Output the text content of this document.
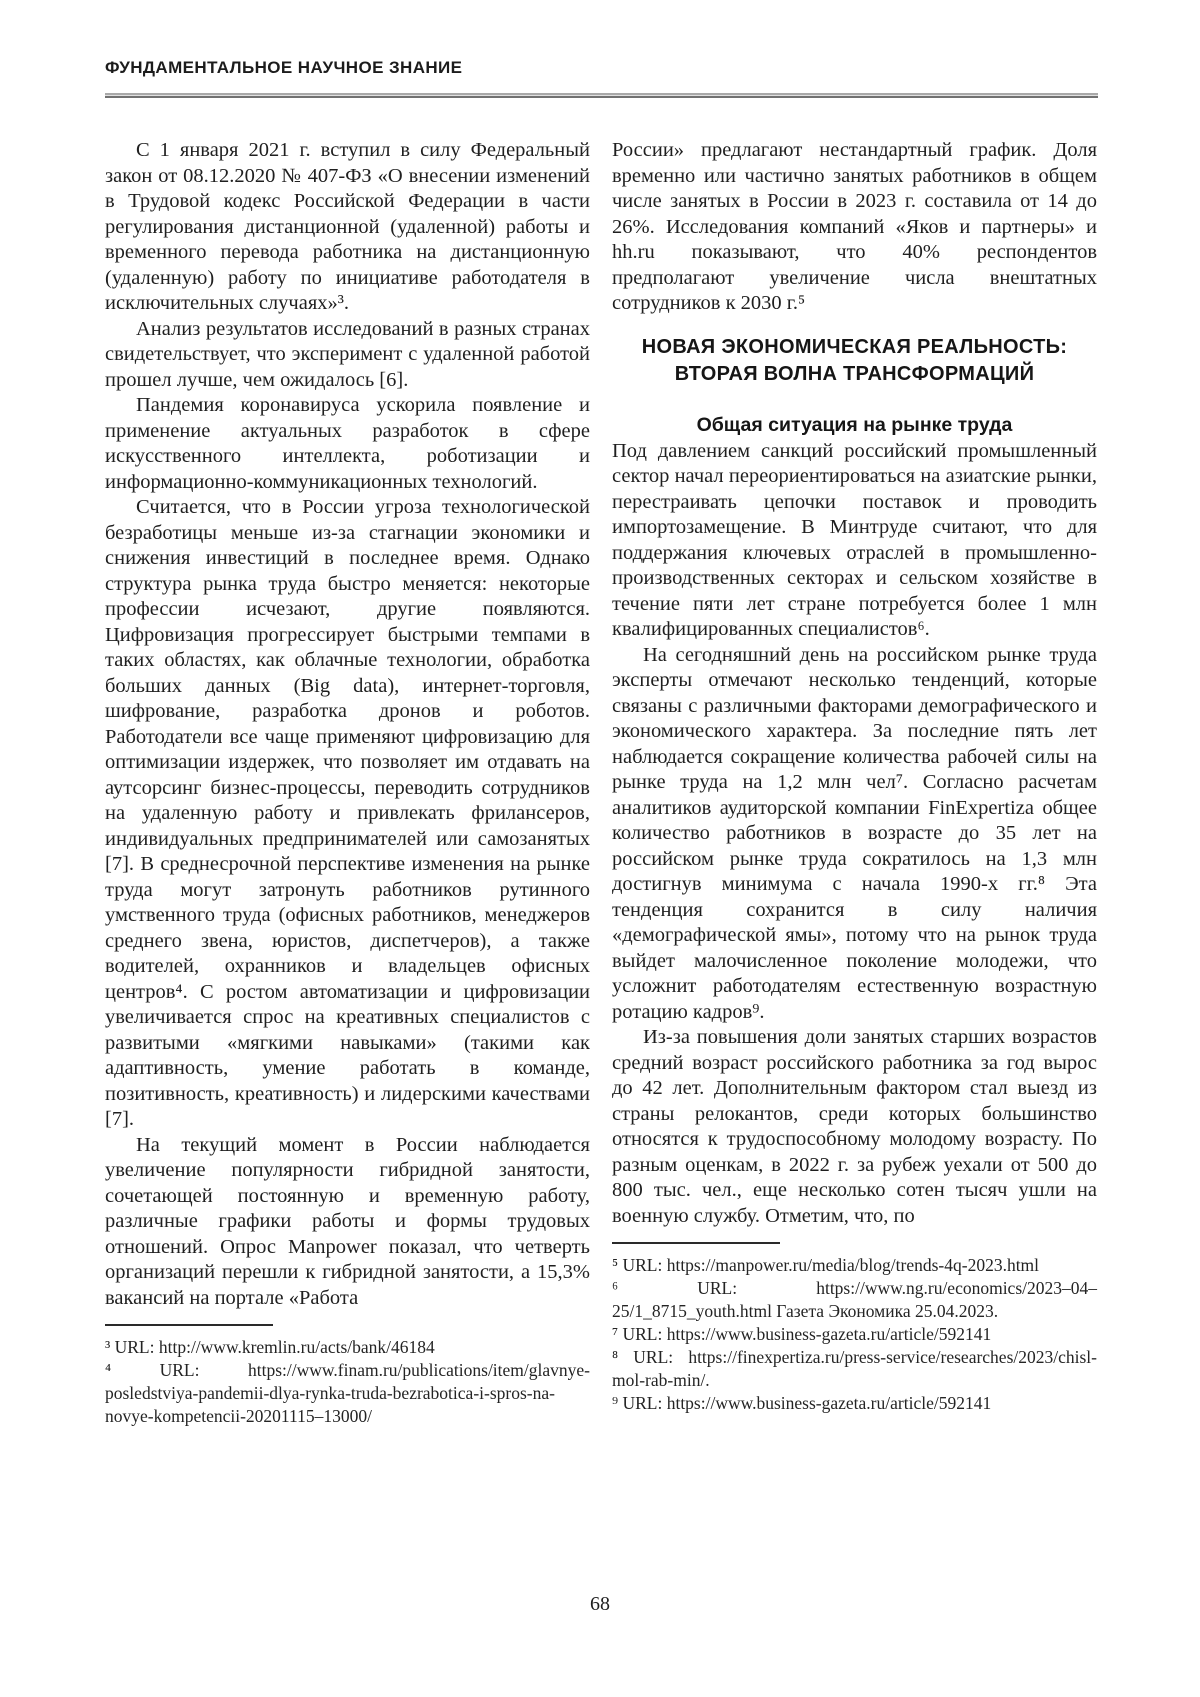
ФУНДАМЕНТАЛЬНОЕ НАУЧНОЕ ЗНАНИЕ

С 1 января 2021 г. вступил в силу Федеральный закон от 08.12.2020 № 407-ФЗ «О внесении изменений в Трудовой кодекс Российской Федерации в части регулирования дистанционной (удаленной) работы и временного перевода работника на дистанционную (удаленную) работу по инициативе работодателя в исключительных случаях»³.

Анализ результатов исследований в разных странах свидетельствует, что эксперимент с удаленной работой прошел лучше, чем ожидалось [6].

Пандемия коронавируса ускорила появление и применение актуальных разработок в сфере искусственного интеллекта, роботизации и информационно-коммуникационных технологий.

Считается, что в России угроза технологической безработицы меньше из-за стагнации экономики и снижения инвестиций в последнее время. Однако структура рынка труда быстро меняется: некоторые профессии исчезают, другие появляются. Цифровизация прогрессирует быстрыми темпами в таких областях, как облачные технологии, обработка больших данных (Big data), интернет-торговля, шифрование, разработка дронов и роботов. Работодатели все чаще применяют цифровизацию для оптимизации издержек, что позволяет им отдавать на аутсорсинг бизнес-процессы, переводить сотрудников на удаленную работу и привлекать фрилансеров, индивидуальных предпринимателей или самозанятых [7]. В среднесрочной перспективе изменения на рынке труда могут затронуть работников рутинного умственного труда (офисных работников, менеджеров среднего звена, юристов, диспетчеров), а также водителей, охранников и владельцев офисных центров⁴. С ростом автоматизации и цифровизации увеличивается спрос на креативных специалистов с развитыми «мягкими навыками» (такими как адаптивность, умение работать в команде, позитивность, креативность) и лидерскими качествами [7].

На текущий момент в России наблюдается увеличение популярности гибридной занятости, сочетающей постоянную и временную работу, различные графики работы и формы трудовых отношений. Опрос Manpower показал, что четверть организаций перешли к гибридной занятости, а 15,3% вакансий на портале «Работа

³ URL: http://www.kremlin.ru/acts/bank/46184

⁴ URL: https://www.finam.ru/publications/item/glavnye-posledstviya-pandemii-dlya-rynka-truda-bezrabotica-i-spros-na-novye-kompetencii-20201115–13000/

России» предлагают нестандартный график. Доля временно или частично занятых работников в общем числе занятых в России в 2023 г. составила от 14 до 26%. Исследования компаний «Яков и партнеры» и hh.ru показывают, что 40% респондентов предполагают увеличение числа внештатных сотрудников к 2030 г.⁵

НОВАЯ ЭКОНОМИЧЕСКАЯ РЕАЛЬНОСТЬ:
ВТОРАЯ ВОЛНА ТРАНСФОРМАЦИЙ
Общая ситуация на рынке труда

Под давлением санкций российский промышленный сектор начал переориентироваться на азиатские рынки, перестраивать цепочки поставок и проводить импортозамещение. В Минтруде считают, что для поддержания ключевых отраслей в промышленно-производственных секторах и сельском хозяйстве в течение пяти лет стране потребуется более 1 млн квалифицированных специалистов⁶.

На сегодняшний день на российском рынке труда эксперты отмечают несколько тенденций, которые связаны с различными факторами демографического и экономического характера. За последние пять лет наблюдается сокращение количества рабочей силы на рынке труда на 1,2 млн чел⁷. Согласно расчетам аналитиков аудиторской компании FinExpertiza общее количество работников в возрасте до 35 лет на российском рынке труда сократилось на 1,3 млн достигнув минимума с начала 1990-х гг.⁸ Эта тенденция сохранится в силу наличия «демографической ямы», потому что на рынок труда выйдет малочисленное поколение молодежи, что усложнит работодателям естественную возрастную ротацию кадров⁹.

Из-за повышения доли занятых старших возрастов средний возраст российского работника за год вырос до 42 лет. Дополнительным фактором стал выезд из страны релокантов, среди которых большинство относятся к трудоспособному молодому возрасту. По разным оценкам, в 2022 г. за рубеж уехали от 500 до 800 тыс. чел., еще несколько сотен тысяч ушли на военную службу. Отметим, что, по

⁵ URL: https://manpower.ru/media/blog/trends-4q-2023.html

⁶ URL: https://www.ng.ru/economics/2023–04–25/1_8715_youth.html Газета Экономика 25.04.2023.

⁷ URL: https://www.business-gazeta.ru/article/592141

⁸ URL: https://finexpertiza.ru/press-service/researches/2023/chisl-mol-rab-min/.

⁹ URL: https://www.business-gazeta.ru/article/592141

68
